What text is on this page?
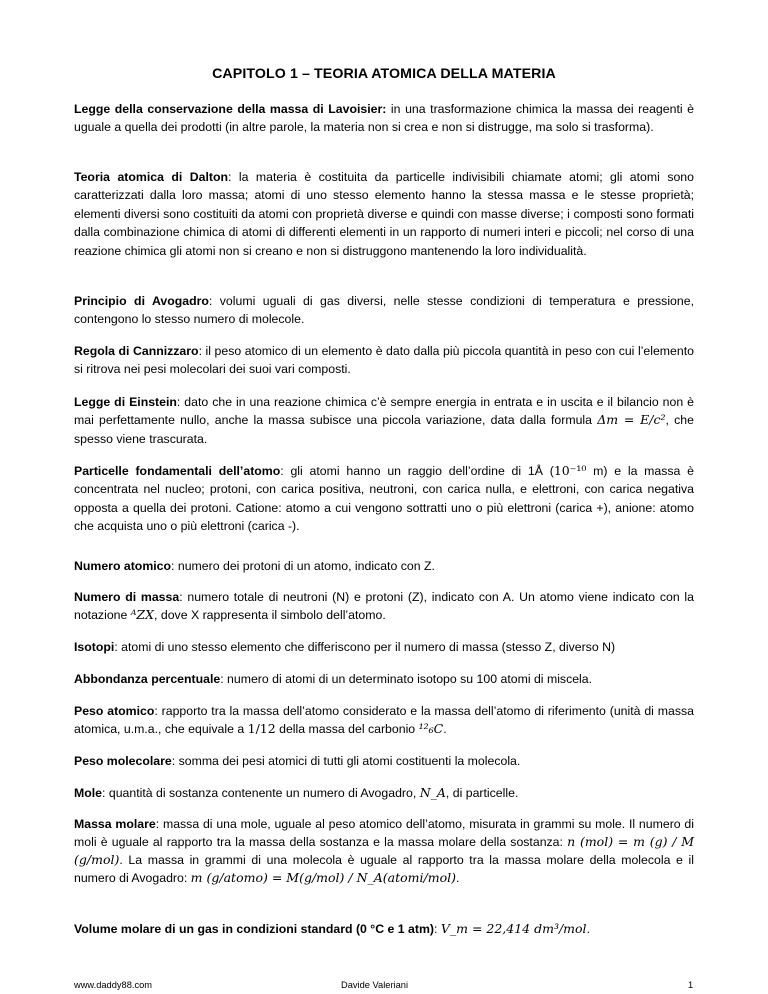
CAPITOLO 1 – TEORIA ATOMICA DELLA MATERIA

Legge della conservazione della massa di Lavoisier: in una trasformazione chimica la massa dei reagenti è uguale a quella dei prodotti (in altre parole, la materia non si crea e non si distrugge, ma solo si trasforma).

Teoria atomica di Dalton: la materia è costituita da particelle indivisibili chiamate atomi; gli atomi sono caratterizzati dalla loro massa; atomi di uno stesso elemento hanno la stessa massa e le stesse proprietà; elementi diversi sono costituiti da atomi con proprietà diverse e quindi con masse diverse; i composti sono formati dalla combinazione chimica di atomi di differenti elementi in un rapporto di numeri interi e piccoli; nel corso di una reazione chimica gli atomi non si creano e non si distruggono mantenendo la loro individualità.

Principio di Avogadro: volumi uguali di gas diversi, nelle stesse condizioni di temperatura e pressione, contengono lo stesso numero di molecole.

Regola di Cannizzaro: il peso atomico di un elemento è dato dalla più piccola quantità in peso con cui l’elemento si ritrova nei pesi molecolari dei suoi vari composti.

Legge di Einstein: dato che in una reazione chimica c’è sempre energia in entrata e in uscita e il bilancio non è mai perfettamente nullo, anche la massa subisce una piccola variazione, data dalla formula Δm = E/c², che spesso viene trascurata.

Particelle fondamentali dell’atomo: gli atomi hanno un raggio dell’ordine di 1Å (10⁻¹⁰ m) e la massa è concentrata nel nucleo; protoni, con carica positiva, neutroni, con carica nulla, e elettroni, con carica negativa opposta a quella dei protoni. Catione: atomo a cui vengono sottratti uno o più elettroni (carica +), anione: atomo che acquista uno o più elettroni (carica -).

Numero atomico: numero dei protoni di un atomo, indicato con Z.

Numero di massa: numero totale di neutroni (N) e protoni (Z), indicato con A. Un atomo viene indicato con la notazione ᴬ𝑍X, dove X rappresenta il simbolo dell’atomo.

Isotopi: atomi di uno stesso elemento che differiscono per il numero di massa (stesso Z, diverso N)

Abbondanza percentuale: numero di atomi di un determinato isotopo su 100 atomi di miscela.

Peso atomico: rapporto tra la massa dell’atomo considerato e la massa dell’atomo di riferimento (unità di massa atomica, u.m.a., che equivale a 1/12 della massa del carbonio ¹²₆C.

Peso molecolare: somma dei pesi atomici di tutti gli atomi costituenti la molecola.

Mole: quantità di sostanza contenente un numero di Avogadro, N_A, di particelle.

Massa molare: massa di una mole, uguale al peso atomico dell’atomo, misurata in grammi su mole. Il numero di moli è uguale al rapporto tra la massa della sostanza e la massa molare della sostanza: n (mol) = m (g) / M (g/mol). La massa in grammi di una molecola è uguale al rapporto tra la massa molare della molecola e il numero di Avogadro: m (g/atomo) = M(g/mol) / N_A(atomi/mol).

Volume molare di un gas in condizioni standard (0 °C e 1 atm): V_m = 22,414 dm³/mol.

www.daddy88.com	Davide Valeriani	1
